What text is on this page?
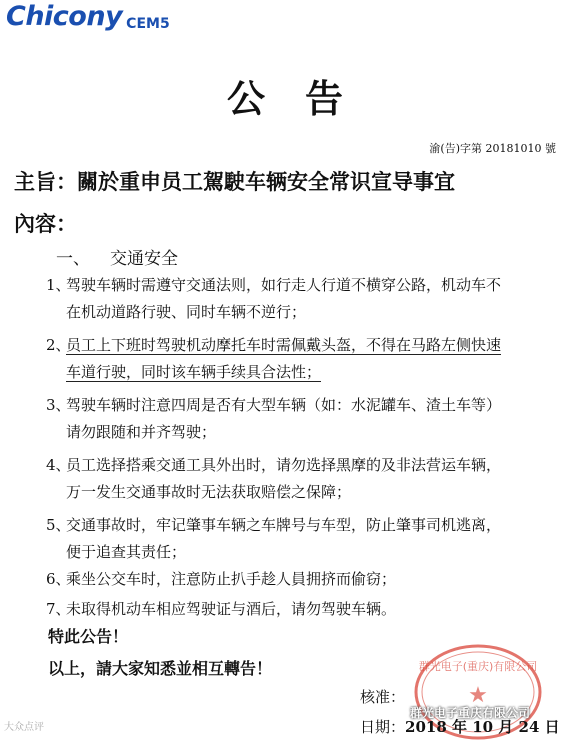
Chicony CEM5
公告
渝(告)字第 20181010 號
主旨：關於重申员工駕駛车辆安全常识宣导事宜
內容：
一、 交通安全
1、驾驶车辆时需遵守交通法则，如行走人行道不横穿公路，机动车不
在机动道路行驶、同时车辆不逆行；
2、员工上下班时驾驶机动摩托车时需佩戴头盔，不得在马路左侧快速
车道行驶，同时该车辆手续具合法性；
3、驾驶车辆时注意四周是否有大型车辆（如：水泥罐车、渣土车等）
请勿跟随和并齐驾驶；
4、员工选择搭乘交通工具外出时，请勿选择黑摩的及非法营运车辆，
万一发生交通事故时无法获取赔偿之保障；
5、交通事故时，牢记肇事车辆之车牌号与车型，防止肇事司机逃离，
便于追查其责任；
6、乘坐公交车时，注意防止扒手趁人員拥挤而偷窃；
7、未取得机动车相应驾驶证与酒后，请勿驾驶车辆。
特此公告！
以上，請大家知悉並相互轉告！	群光电子(重庆)有限公司
★
核准：
日期：2018 年 10 月 24 日
大众点评
群光电子重庆有限公司
